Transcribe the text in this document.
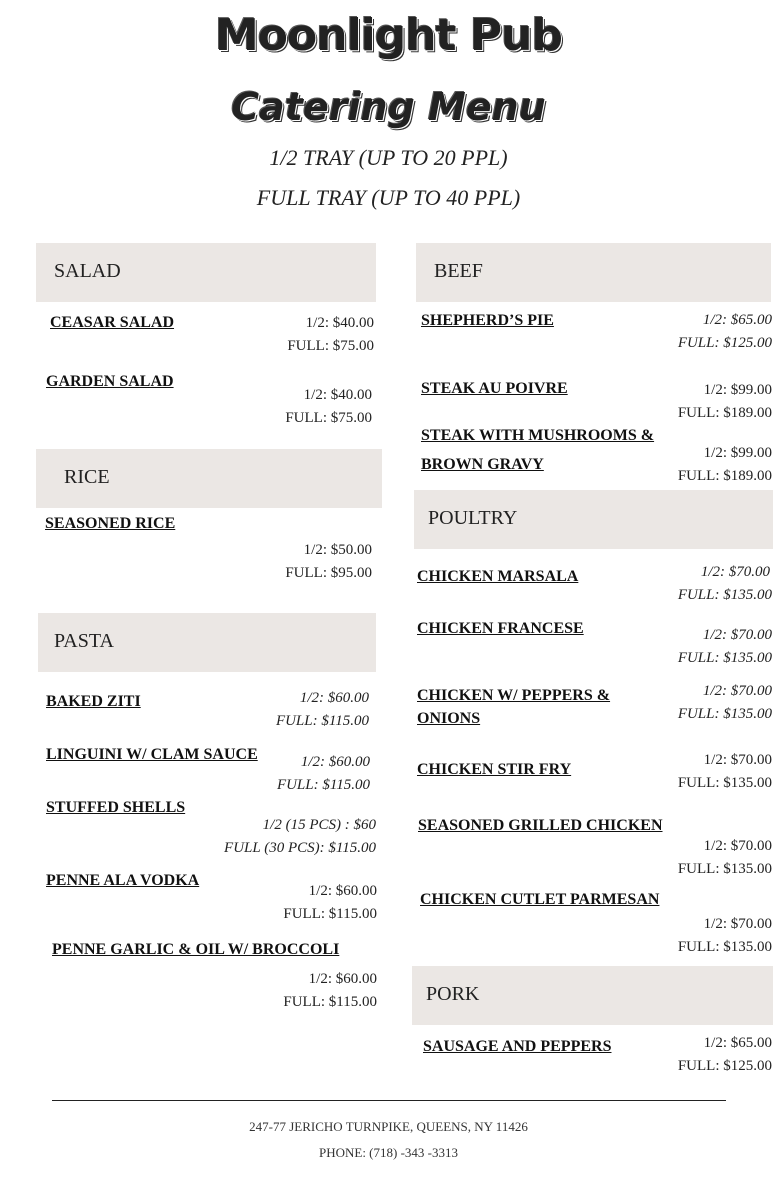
Moonlight Pub
Catering Menu
1/2 TRAY (UP TO 20 PPL)
FULL TRAY (UP TO 40 PPL)
SALAD
CEASAR SALAD	1/2: $40.00
FULL: $75.00
GARDEN SALAD
1/2: $40.00
FULL: $75.00
RICE
SEASONED RICE
1/2: $50.00
FULL: $95.00
PASTA
BAKED ZITI	1/2: $60.00
FULL: $115.00
LINGUINI W/ CLAM SAUCE	1/2: $60.00
FULL: $115.00
STUFFED SHELLS
1/2 (15 PCS) : $60
FULL (30 PCS): $115.00
PENNE ALA VODKA
1/2: $60.00
FULL: $115.00
PENNE GARLIC & OIL W/ BROCCOLI
1/2: $60.00
FULL: $115.00
BEEF
SHEPHERD’S PIE	1/2: $65.00
FULL: $125.00
STEAK AU POIVRE	1/2: $99.00
FULL: $189.00
STEAK WITH MUSHROOMS &
BROWN GRAVY
1/2: $99.00
FULL: $189.00
POULTRY
CHICKEN MARSALA	1/2: $70.00
FULL: $135.00
CHICKEN FRANCESE	1/2: $70.00
FULL: $135.00
CHICKEN W/ PEPPERS &
ONIONS
1/2: $70.00
FULL: $135.00
CHICKEN STIR FRY
1/2: $70.00
FULL: $135.00
SEASONED GRILLED CHICKEN
1/2: $70.00
FULL: $135.00
CHICKEN CUTLET PARMESAN
1/2: $70.00
FULL: $135.00
PORK
SAUSAGE AND PEPPERS	1/2: $65.00
FULL: $125.00
247-77 JERICHO TURNPIKE, QUEENS, NY 11426
PHONE: (718) -343 -3313
